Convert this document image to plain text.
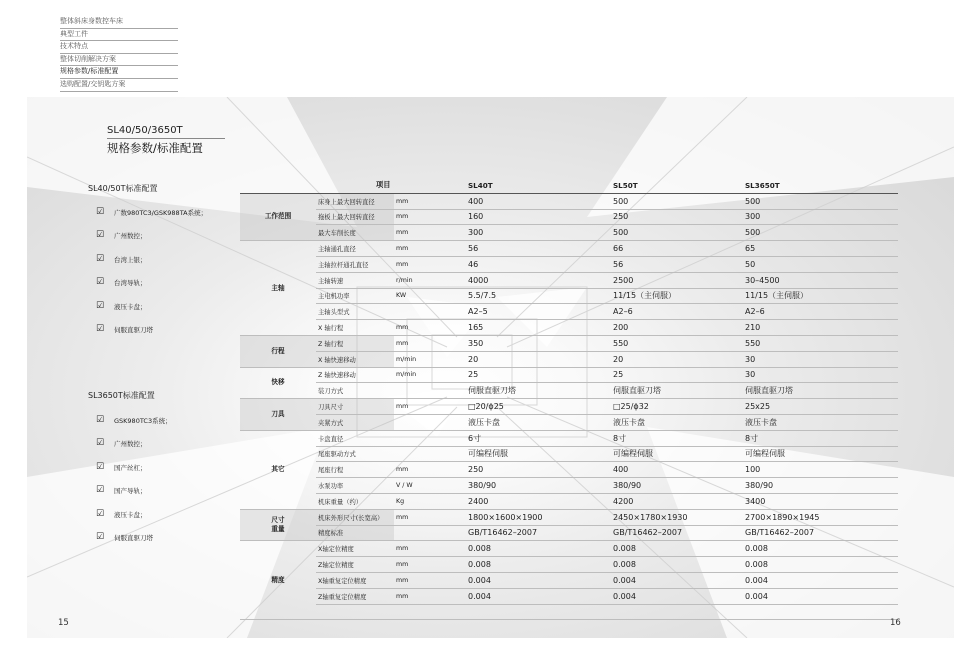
整体斜床身数控车床
典型工件
技术特点
整体切削解决方案
规格参数/标准配置
选购配置/交钥匙方案
SL40/50/3650T
规格参数/标准配置
SL40/50T标准配置
☑ 广数980TC3/GSK988TA系统；
☑ 广州数控；
☑ 台湾上银；
☑ 台湾导轨；
☑ 液压卡盘；
☑ 伺服直驱刀塔
SL3650T标准配置
☑ GSK980TC3系统；
☑ 广州数控；
☑ 国产丝杠；
☑ 国产导轨；
☑ 液压卡盘；
☑ 伺服直驱刀塔
	项目		SL40T	SL50T	SL3650T
工作范围	床身上最大回转直径	mm	400	500	500
	拖板上最大回转直径	mm	160	250	300
	最大车削长度	mm	300	500	500
主轴	主轴通孔直径	mm	56	66	65
	主轴拉杆通孔直径	mm	46	56	50
	主轴转速	r/min	4000	2500	30–4500
	主电机功率	KW	5.5/7.5	11/15（主伺服）	11/15（主伺服）
	主轴头型式		A2–5	A2–6	A2–6
	X 轴行程	mm	165	200	210
行程	Z 轴行程	mm	350	550	550
	X 轴快速移动	m/min	20	20	30
快移	Z 轴快速移动	m/min	25	25	30
	装刀方式		伺服直驱刀塔	伺服直驱刀塔	伺服直驱刀塔
刀具	刀具尺寸	mm	□20/ϕ25	□25/ϕ32	25x25
	夹紧方式		液压卡盘	液压卡盘	液压卡盘
其它	卡盘直径		6寸	8寸	8寸
	尾座驱动方式		可编程伺服	可编程伺服	可编程伺服
	尾座行程	mm	250	400	100
	水泵功率	V / W	380/90	380/90	380/90
	机床重量（约）	Kg	2400	4200	3400
尺寸
重量	机床外形尺寸(长宽高）	mm	1800×1600×1900	2450×1780×1930	2700×1890×1945
	精度标准		GB/T16462–2007	GB/T16462–2007	GB/T16462–2007
精度	X轴定位精度	mm	0.008	0.008	0.008
	Z轴定位精度	mm	0.008	0.008	0.008
	X轴重复定位精度	mm	0.004	0.004	0.004
	Z轴重复定位精度	mm	0.004	0.004	0.004

15	16
